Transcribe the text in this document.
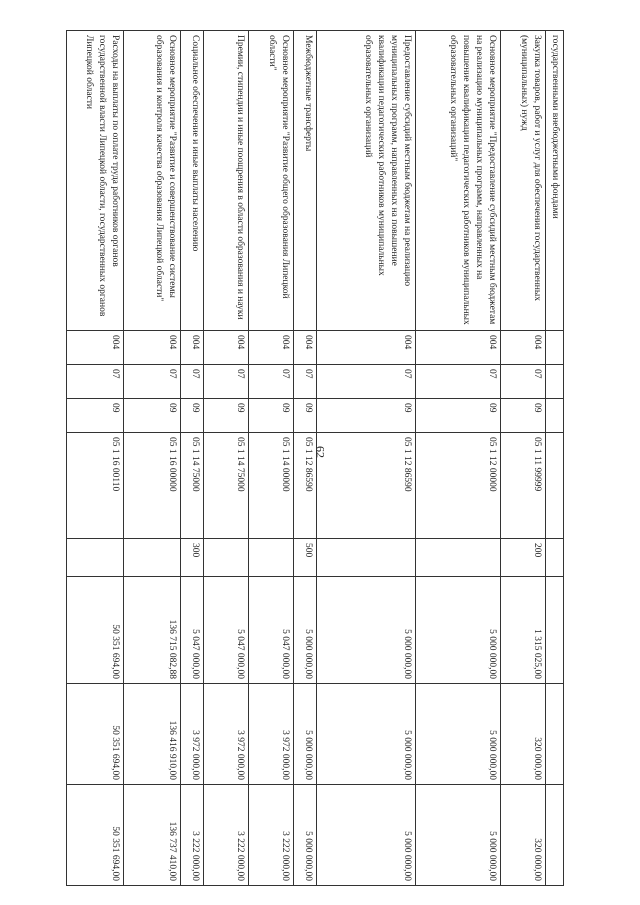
62
государственными внебюджетными фондами								
Закупка товаров, работ и услуг для обеспечения государственных (муниципальных) нужд	004	07	09	05 1 11 99999	200	1 315 025,00	320 000,00	320 000,00
Основное мероприятие "Предоставление субсидий местным бюджетам на реализацию муниципальных программ, направленных на повышение квалификации педагогических работников муниципальных образовательных организаций"	004	07	09	05 1 12 00000		5 000 000,00	5 000 000,00	5 000 000,00
Предоставление субсидий местным бюджетам на реализацию муниципальных программ, направленных на повышение квалификации педагогических работников муниципальных образовательных организаций	004	07	09	05 1 12 86590		5 000 000,00	5 000 000,00	5 000 000,00
Межбюджетные трансферты	004	07	09	05 1 12 86590	500	5 000 000,00	5 000 000,00	5 000 000,00
Основное мероприятие "Развитие общего образования Липецкой области"	004	07	09	05 1 14 00000		5 047 000,00	3 972 000,00	3 222 000,00
Премии, стипендии и иные поощрения в области образования и науки	004	07	09	05 1 14 75000		5 047 000,00	3 972 000,00	3 222 000,00
Социальное обеспечение и иные выплаты населению	004	07	09	05 1 14 75000	300	5 047 000,00	3 972 000,00	3 222 000,00
Основное мероприятие "Развитие и совершенствование системы образования и контроля качества образования Липецкой области"	004	07	09	05 1 16 00000		136 715 082,88	136 416 910,00	136 737 410,00
Расходы на выплаты по оплате труда работников органов государственной власти Липецкой области, государственных органов Липецкой области	004	07	09	05 1 16 00110		50 351 694,00	50 351 694,00	50 351 694,00
